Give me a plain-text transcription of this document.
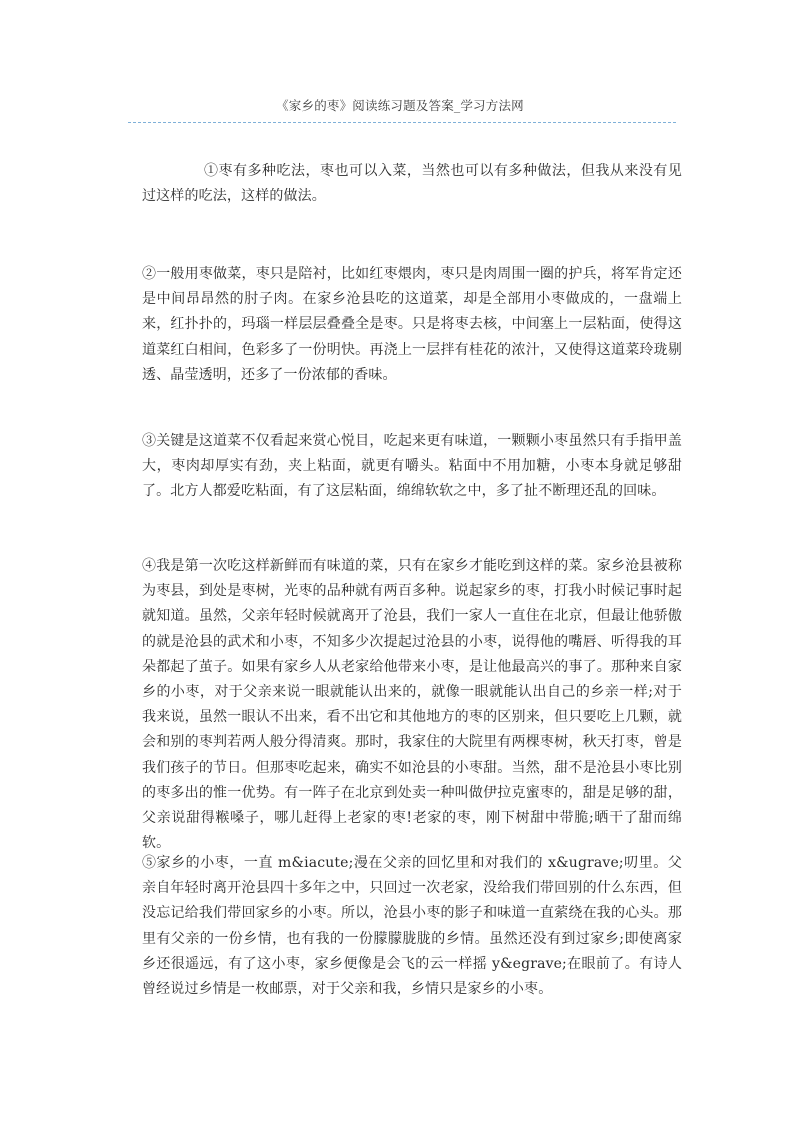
《家乡的枣》阅读练习题及答案_学习方法网
①枣有多种吃法，枣也可以入菜，当然也可以有多种做法，但我从来没有见过这样的吃法，这样的做法。
②一般用枣做菜，枣只是陪衬，比如红枣煨肉，枣只是肉周围一圈的护兵，将军肯定还是中间昂昂然的肘子肉。在家乡沧县吃的这道菜，却是全部用小枣做成的，一盘端上来，红扑扑的，玛瑙一样层层叠叠全是枣。只是将枣去核，中间塞上一层粘面，使得这道菜红白相间，色彩多了一份明快。再浇上一层拌有桂花的浓汁，又使得这道菜玲珑剔透、晶莹透明，还多了一份浓郁的香味。
③关键是这道菜不仅看起来赏心悦目，吃起来更有味道，一颗颗小枣虽然只有手指甲盖大，枣肉却厚实有劲，夹上粘面，就更有嚼头。粘面中不用加糖，小枣本身就足够甜了。北方人都爱吃粘面，有了这层粘面，绵绵软软之中，多了扯不断理还乱的回味。
④我是第一次吃这样新鲜而有味道的菜，只有在家乡才能吃到这样的菜。家乡沧县被称为枣县，到处是枣树，光枣的品种就有两百多种。说起家乡的枣，打我小时候记事时起就知道。虽然，父亲年轻时候就离开了沧县，我们一家人一直住在北京，但最让他骄傲的就是沧县的武术和小枣，不知多少次提起过沧县的小枣，说得他的嘴唇、听得我的耳朵都起了茧子。如果有家乡人从老家给他带来小枣，是让他最高兴的事了。那种来自家乡的小枣，对于父亲来说一眼就能认出来的，就像一眼就能认出自己的乡亲一样;对于我来说，虽然一眼认不出来，看不出它和其他地方的枣的区别来，但只要吃上几颗，就会和别的枣判若两人般分得清爽。那时，我家住的大院里有两棵枣树，秋天打枣，曾是我们孩子的节日。但那枣吃起来，确实不如沧县的小枣甜。当然，甜不是沧县小枣比别的枣多出的惟一优势。有一阵子在北京到处卖一种叫做伊拉克蜜枣的，甜是足够的甜，父亲说甜得糇嗓子，哪儿赶得上老家的枣!老家的枣，刚下树甜中带脆;晒干了甜而绵软。
⑤家乡的小枣，一直 m&iacute;漫在父亲的回忆里和对我们的 x&ugrave;叨里。父亲自年轻时离开沧县四十多年之中，只回过一次老家，没给我们带回别的什么东西，但没忘记给我们带回家乡的小枣。所以，沧县小枣的影子和味道一直萦绕在我的心头。那里有父亲的一份乡情，也有我的一份朦朦胧胧的乡情。虽然还没有到过家乡;即使离家乡还很遥远，有了这小枣，家乡便像是会飞的云一样摇 y&egrave;在眼前了。有诗人曾经说过乡情是一枚邮票，对于父亲和我，乡情只是家乡的小枣。
